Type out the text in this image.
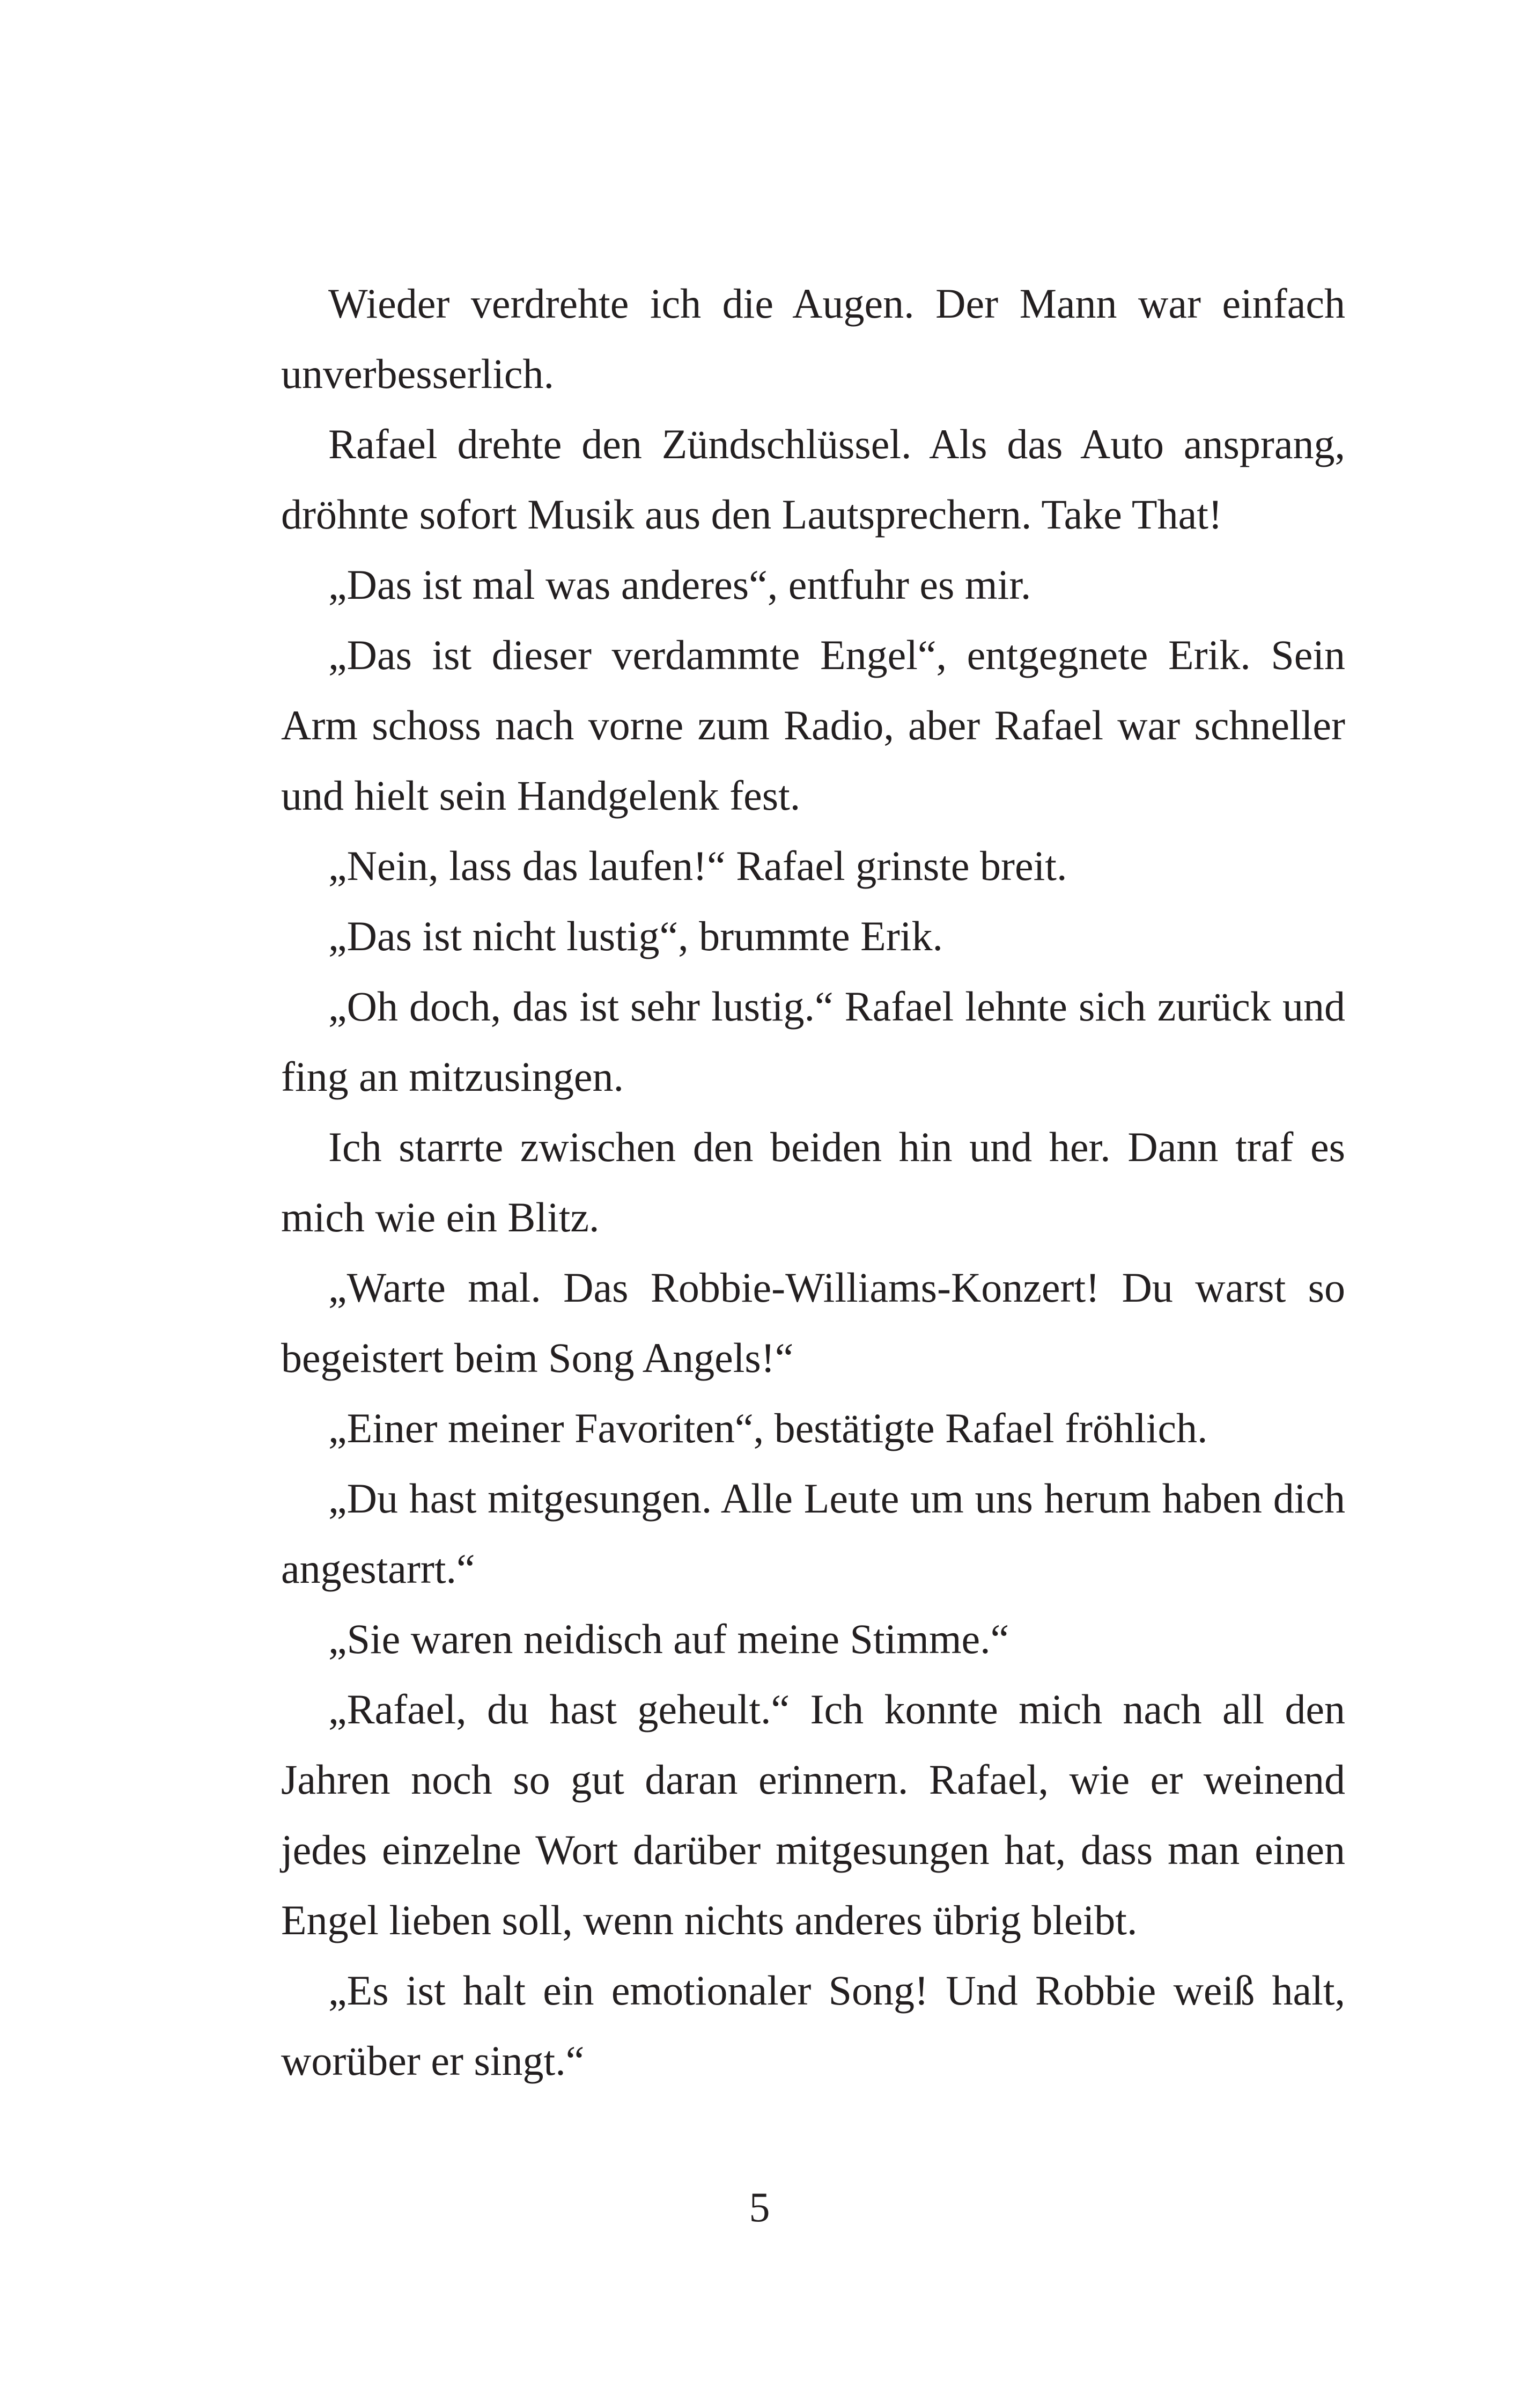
Wieder verdrehte ich die Augen. Der Mann war einfach unverbesserlich.

Rafael drehte den Zündschlüssel. Als das Auto ansprang, dröhnte sofort Musik aus den Lautsprechern. Take That!

„Das ist mal was anderes“, entfuhr es mir.

„Das ist dieser verdammte Engel“, entgegnete Erik. Sein Arm schoss nach vorne zum Radio, aber Rafael war schneller und hielt sein Handgelenk fest.

„Nein, lass das laufen!“ Rafael grinste breit.

„Das ist nicht lustig“, brummte Erik.

„Oh doch, das ist sehr lustig.“ Rafael lehnte sich zurück und fing an mitzusingen.

Ich starrte zwischen den beiden hin und her. Dann traf es mich wie ein Blitz.

„Warte mal. Das Robbie-Williams-Konzert! Du warst so begeistert beim Song Angels!“

„Einer meiner Favoriten“, bestätigte Rafael fröhlich.

„Du hast mitgesungen. Alle Leute um uns herum haben dich angestarrt.“

„Sie waren neidisch auf meine Stimme.“

„Rafael, du hast geheult.“ Ich konnte mich nach all den Jahren noch so gut daran erinnern. Rafael, wie er weinend jedes einzelne Wort darüber mitgesungen hat, dass man einen Engel lieben soll, wenn nichts anderes übrig bleibt.

„Es ist halt ein emotionaler Song! Und Robbie weiß halt, worüber er singt.“

5
